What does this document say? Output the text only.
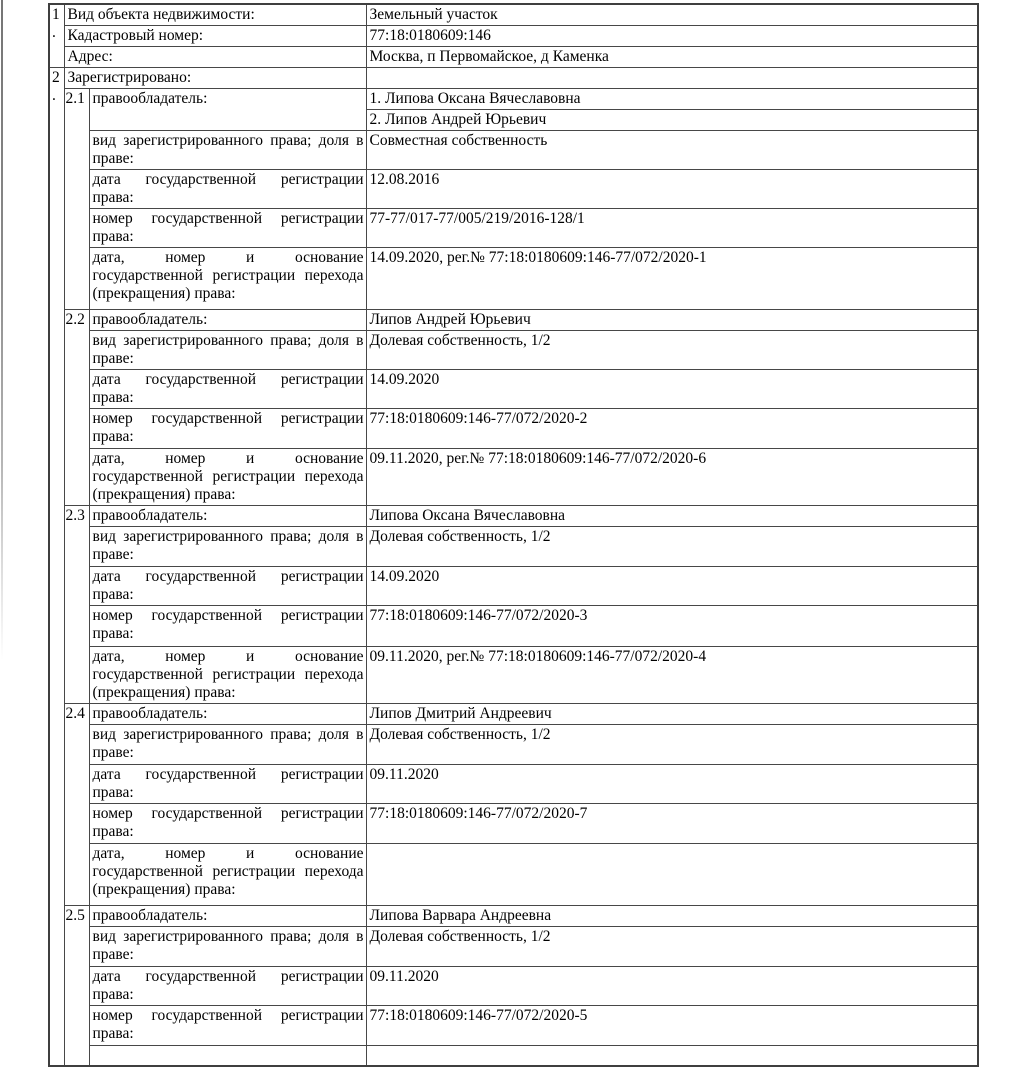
1.	Вид объекта недвижимости:		Земельный участок
	Кадастровый номер:		77:18:0180609:146
	Адрес:		Москва, п Первомайское, д Каменка
2.	Зарегистрировано:		
	2.1	правообладатель:	1. Липова Оксана Вячеславовна
			2. Липов Андрей Юрьевич
		вид зарегистрированного права; доля в праве:	Совместная собственность
		дата государственной регистрации права:	12.08.2016
		номер государственной регистрации права:	77-77/017-77/005/219/2016-128/1
		дата, номер и основание государственной регистрации перехода (прекращения) права:	14.09.2020, рег.№ 77:18:0180609:146-77/072/2020-1
	2.2	правообладатель:	Липов Андрей Юрьевич
		вид зарегистрированного права; доля в праве:	Долевая собственность, 1/2
		дата государственной регистрации права:	14.09.2020
		номер государственной регистрации права:	77:18:0180609:146-77/072/2020-2
		дата, номер и основание государственной регистрации перехода (прекращения) права:	09.11.2020, рег.№ 77:18:0180609:146-77/072/2020-6
	2.3	правообладатель:	Липова Оксана Вячеславовна
		вид зарегистрированного права; доля в праве:	Долевая собственность, 1/2
		дата государственной регистрации права:	14.09.2020
		номер государственной регистрации права:	77:18:0180609:146-77/072/2020-3
		дата, номер и основание государственной регистрации перехода (прекращения) права:	09.11.2020, рег.№ 77:18:0180609:146-77/072/2020-4
	2.4	правообладатель:	Липов Дмитрий Андреевич
		вид зарегистрированного права; доля в праве:	Долевая собственность, 1/2
		дата государственной регистрации права:	09.11.2020
		номер государственной регистрации права:	77:18:0180609:146-77/072/2020-7
		дата, номер и основание государственной регистрации перехода (прекращения) права:	
	2.5	правообладатель:	Липова Варвара Андреевна
		вид зарегистрированного права; доля в праве:	Долевая собственность, 1/2
		дата государственной регистрации права:	09.11.2020
		номер государственной регистрации права:	77:18:0180609:146-77/072/2020-5
